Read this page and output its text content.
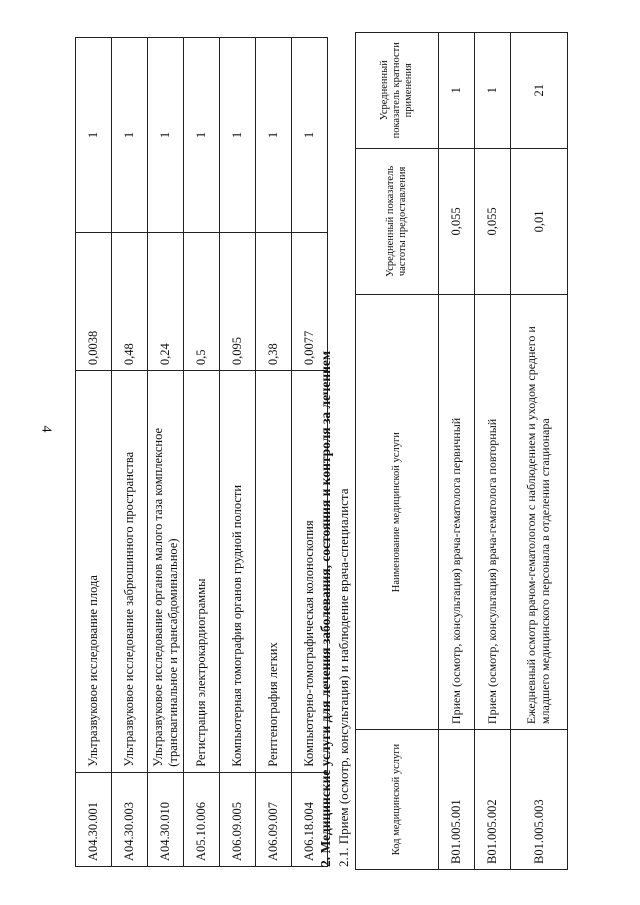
4
A04.30.001	Ультразвуковое исследование плода	0,0038	1
A04.30.003	Ультразвуковое исследование забрюшинного пространства	0,48	1
A04.30.010	Ультразвуковое исследование органов малого таза комплексное (трансвагинальное и трансабдоминальное)	0,24	1
A05.10.006	Регистрация электрокардиограммы	0,5	1
A06.09.005	Компьютерная томография органов грудной полости	0,095	1
A06.09.007	Рентгенография легких	0,38	1
A06.18.004	Компьютерно-томографическая колоноскопия	0,0077	1
2. Медицинские услуги для лечения заболевания, состояния и контроля за лечением 2.1. Прием (осмотр, консультация) и наблюдение врача-специалиста	Код медицинской услуги	Наименование медицинской услуги	Усредненный показатель частоты предоставления	Усредненный показатель кратности применения
B01.005.001	Прием (осмотр, консультация) врача-гематолога первичный	0,055	1
B01.005.002	Прием (осмотр, консультация) врача-гематолога повторный	0,055	1
B01.005.003	Ежедневный осмотр врачом-гематологом с наблюдением и уходом среднего и младшего медицинского персонала в отделении стационара	0,01	21
